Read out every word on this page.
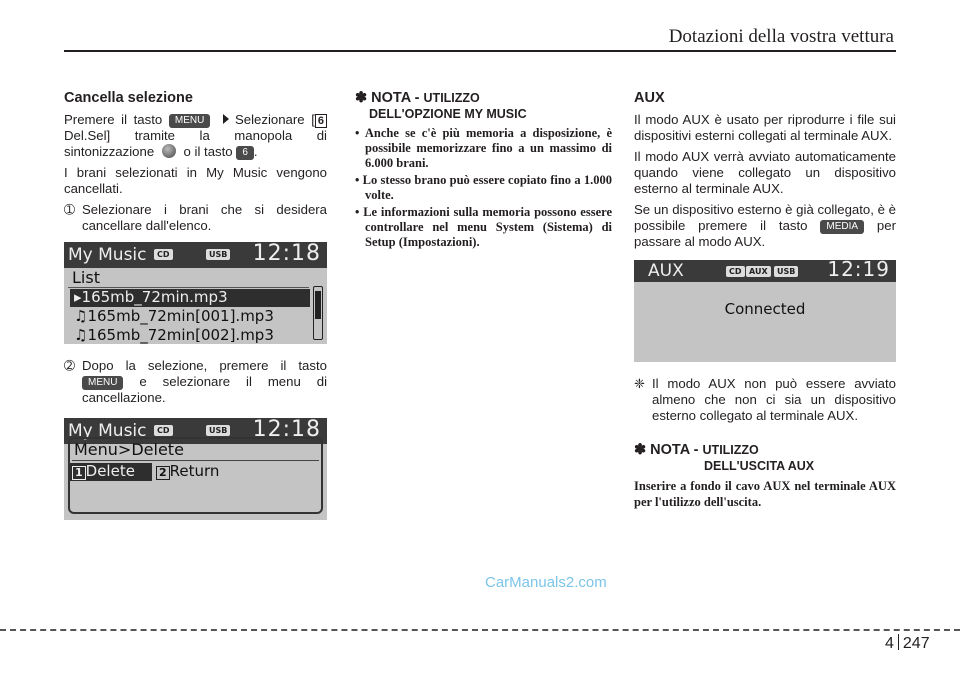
Dotazioni della vostra vettura
Cancella selezione

Premere il tasto MENU Selezionare [ 6Del.Sel] tramite la manopola di sintonizzazione o il tasto 6 .

I brani selezionati in My Music vengono cancellati.

➀ Selezionare i brani che si desidera cancellare dall'elenco.
My Music	CD	USB 12:18
List
▸165mb_72min.mp3
♫165mb_72min[001].mp3
♫165mb_72min[002].mp3
➁ Dopo la selezione, premere il tasto MENU e selezionare il menu di cancellazione.
My Music	CD	USB 12:18
Menu>Delete
1 Delete 2 Return
✽ NOTA - UTILIZZO
DELL'OPZIONE MY MUSIC
• Anche se c'è più memoria a disposizione, è possibile memorizzare fino a un massimo di 6.000 brani.
• Lo stesso brano può essere copiato fino a 1.000 volte.
• Le informazioni sulla memoria possono essere controllare nel menu System (Sistema) di Setup (Impostazioni).
AUX

Il modo AUX è usato per riprodurre i file sui dispositivi esterni collegati al terminale AUX.

Il modo AUX verrà avviato automaticamente quando viene collegato un dispositivo esterno al terminale AUX.

Se un dispositivo esterno è già collegato, è è possibile premere il tasto MEDIA per passare al modo AUX.

AUX	CD AUX	USB 12:19
Connected
❈ Il modo AUX non può essere avviato almeno che non ci sia un dispositivo esterno collegato al terminale AUX.
✽ NOTA - UTILIZZO
DELL'USCITA AUX

Inserire a fondo il cavo AUX nel terminale AUX per l'utilizzo dell'uscita.

CarManuals2.com
4 247
